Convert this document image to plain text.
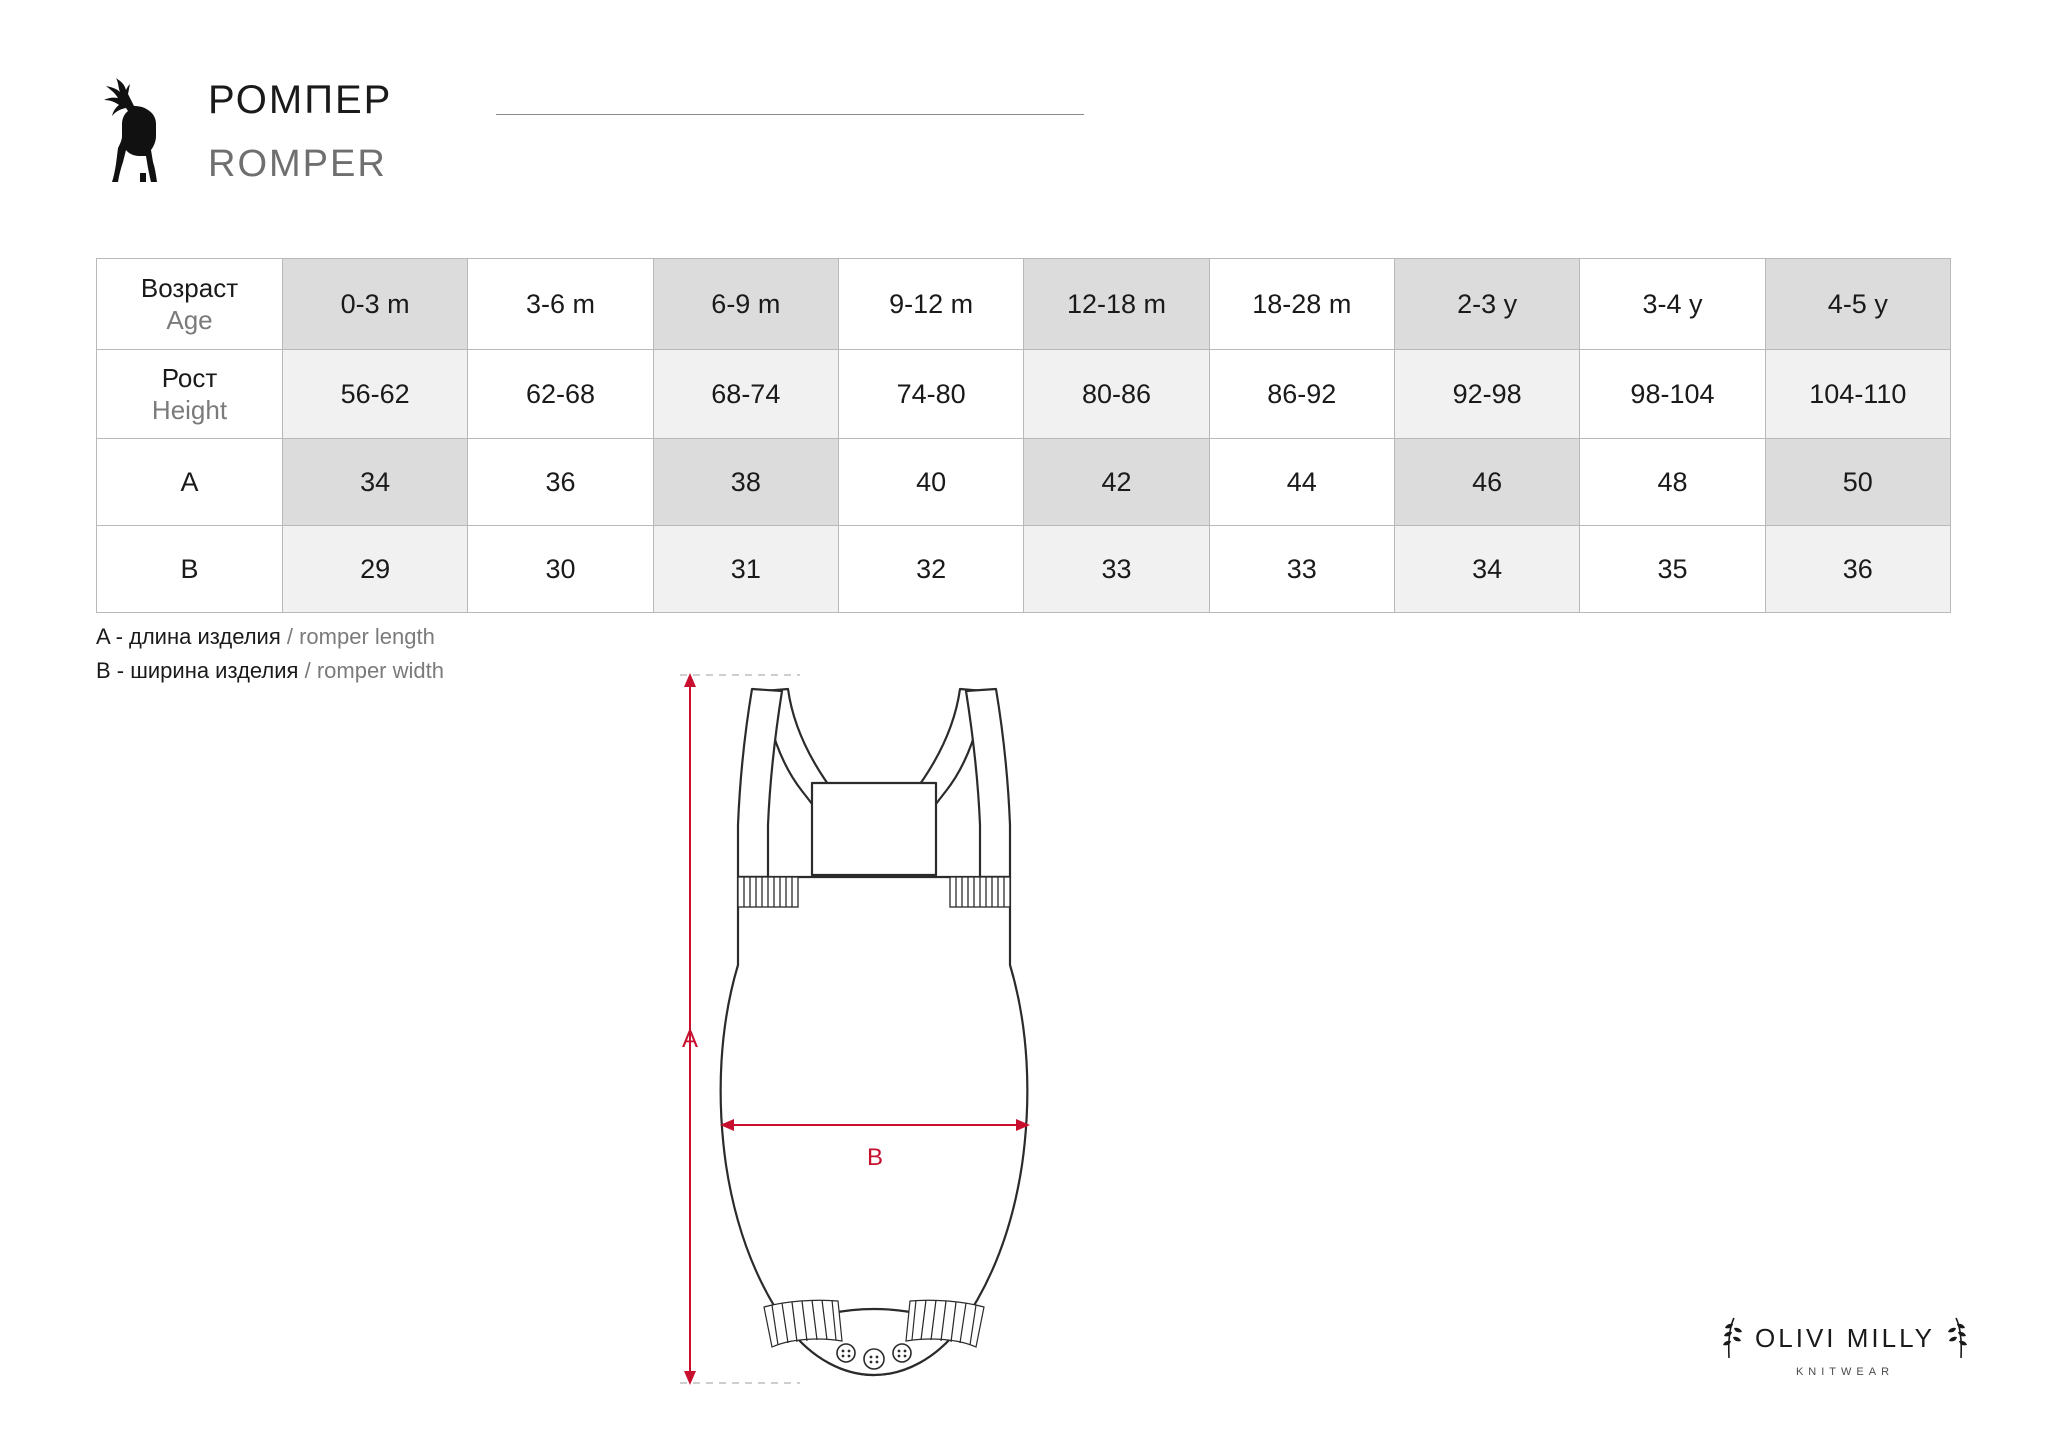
РОМПЕР
ROMPER
Возраст
Age	0-3 m	3-6 m	6-9 m	9-12 m	12-18 m	18-28 m	2-3 y	3-4 y	4-5 y

Рост
Height	56-62	62-68	68-74	74-80	80-86	86-92	92-98	98-104	104-110
A	34	36	38	40	42	44	46	48	50
B	29	30	31	32	33	33	34	35	36
A - длина изделия / romper length
B - ширина изделия / romper width
A
B
OLIVI MILLY
KNITWEAR
